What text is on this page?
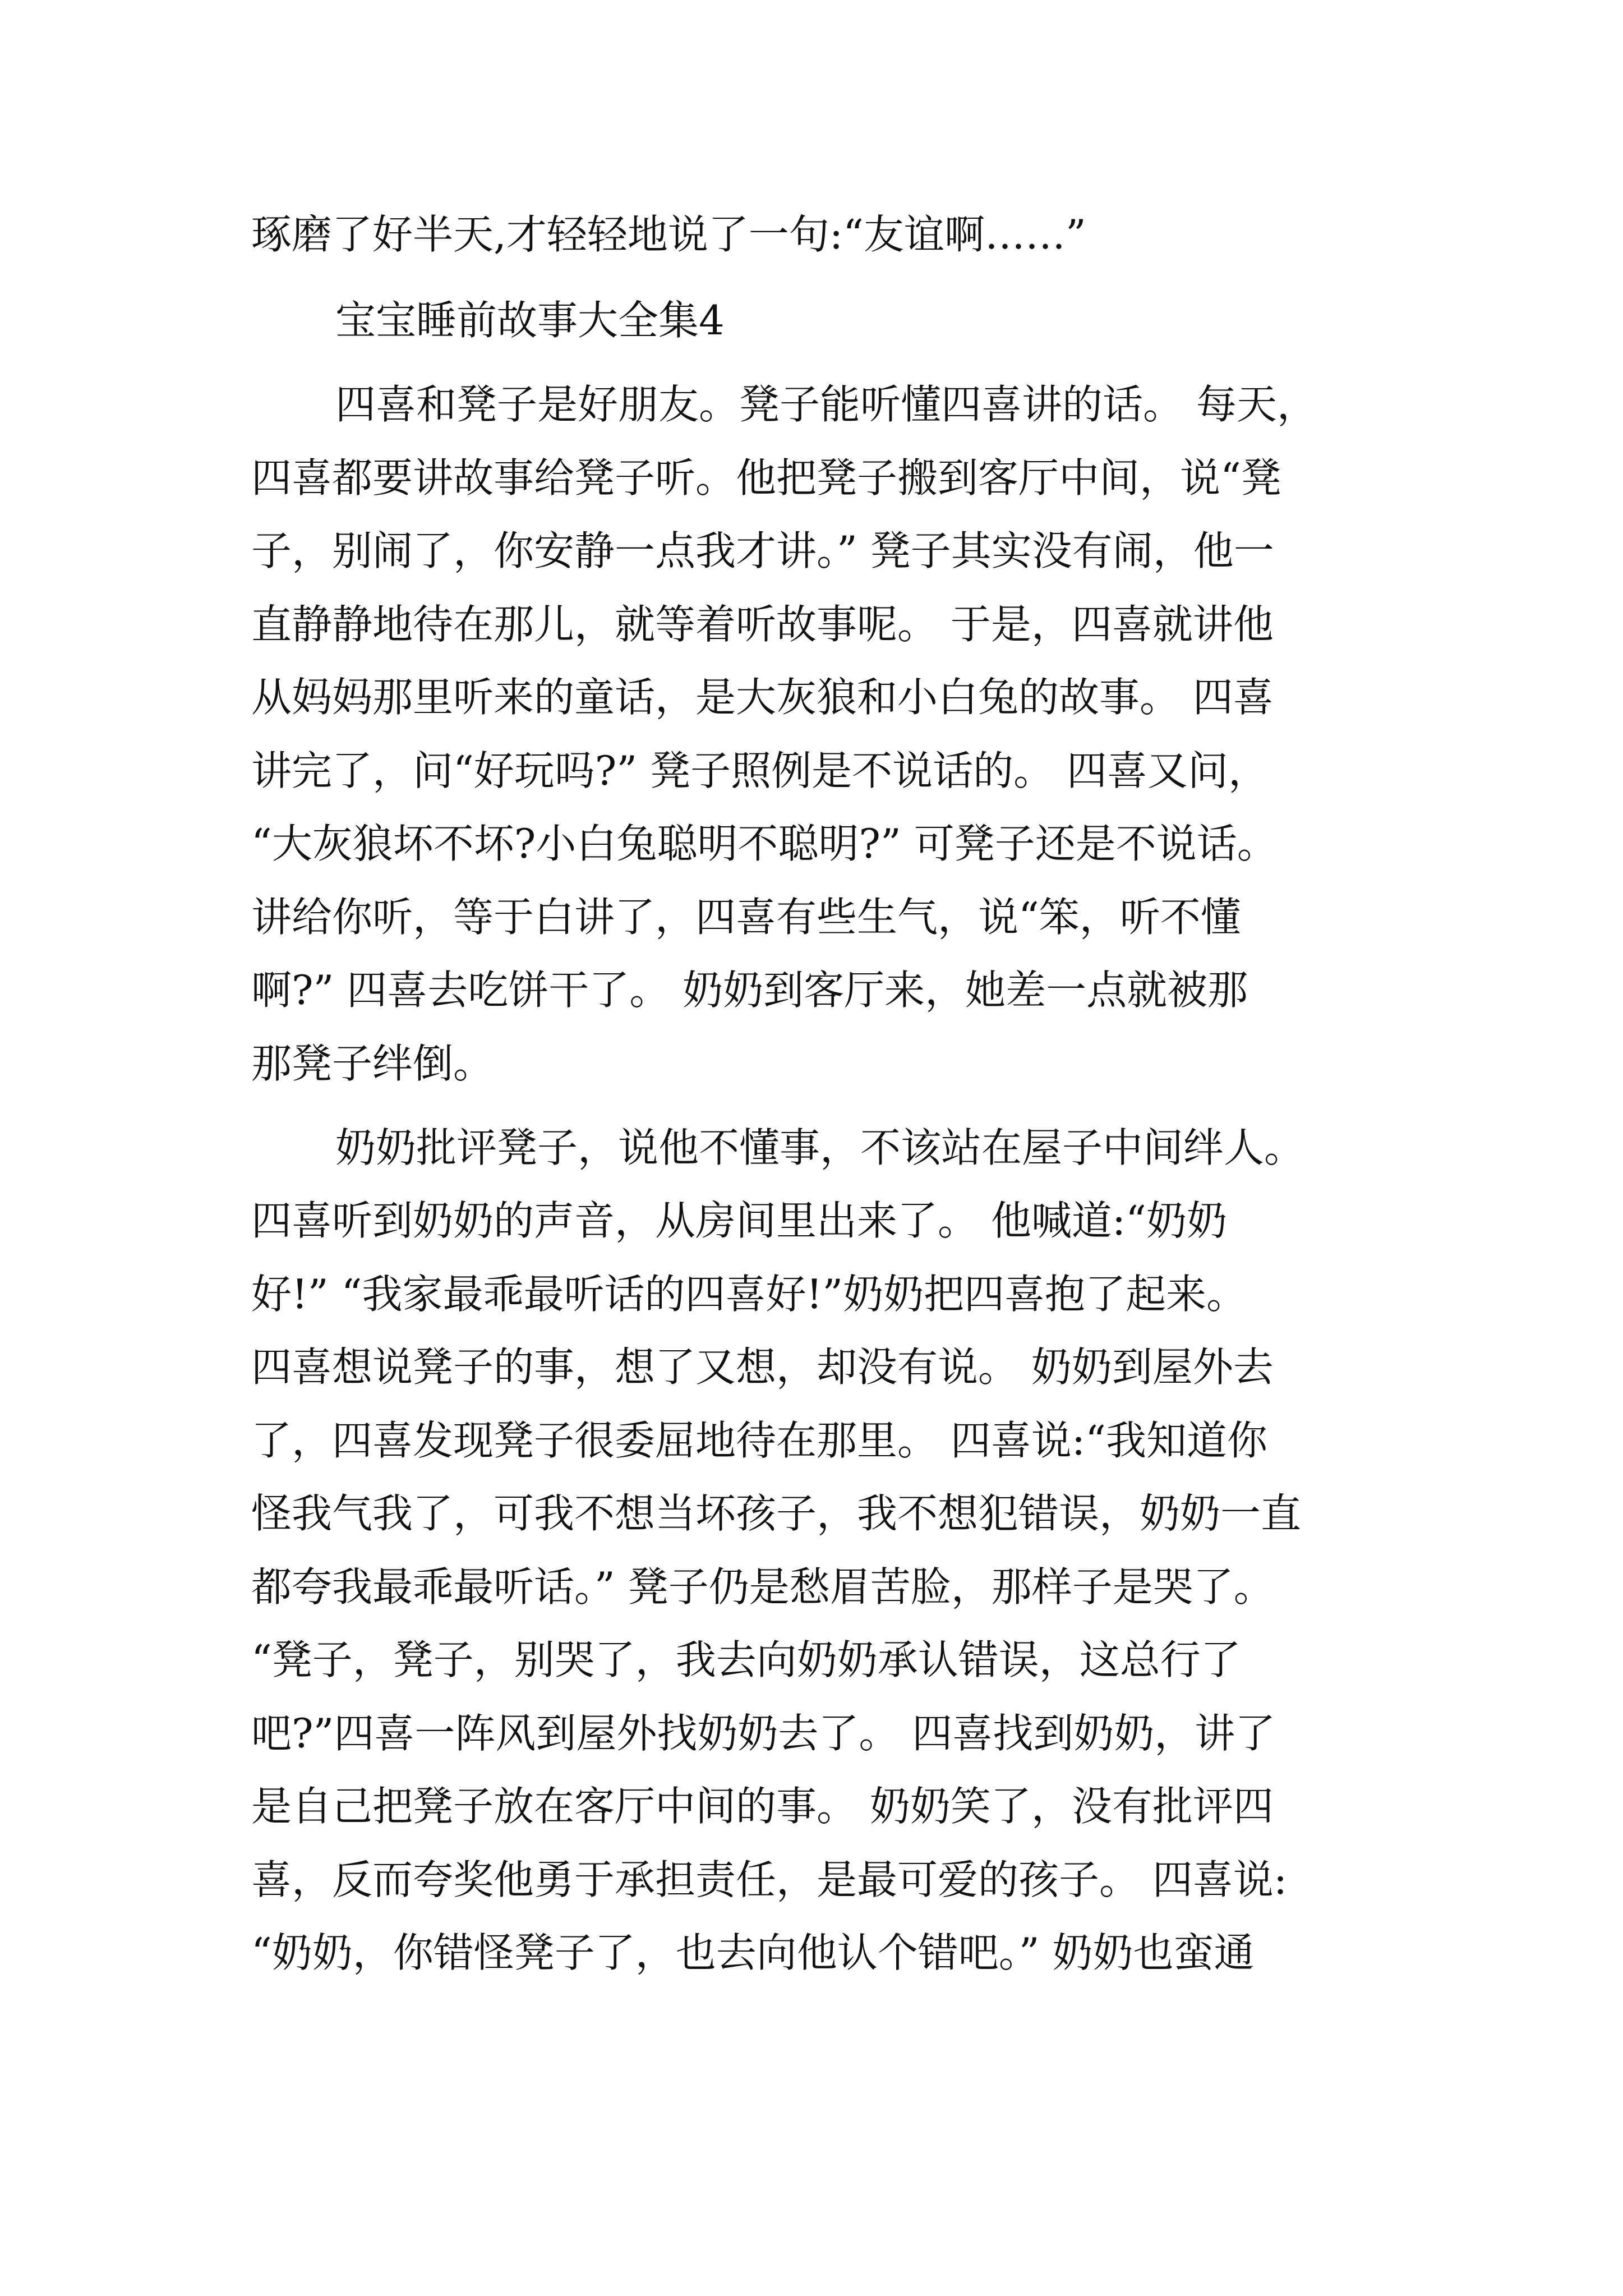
琢磨了好半天,才轻轻地说了一句:“友谊啊……”
宝宝睡前故事大全集4
四喜和凳子是好朋友。凳子能听懂四喜讲的话。 每天，
四喜都要讲故事给凳子听。他把凳子搬到客厅中间，说“凳
子，别闹了，你安静一点我才讲。” 凳子其实没有闹，他一
直静静地待在那儿，就等着听故事呢。 于是，四喜就讲他
从妈妈那里听来的童话，是大灰狼和小白兔的故事。 四喜
讲完了，问“好玩吗?” 凳子照例是不说话的。 四喜又问，
“大灰狼坏不坏?小白兔聪明不聪明?” 可凳子还是不说话。
讲给你听，等于白讲了，四喜有些生气，说“笨，听不懂
啊?” 四喜去吃饼干了。 奶奶到客厅来，她差一点就被那
那凳子绊倒。
奶奶批评凳子，说他不懂事，不该站在屋子中间绊人。
四喜听到奶奶的声音，从房间里出来了。 他喊道:“奶奶
好!” “我家最乖最听话的四喜好!”奶奶把四喜抱了起来。
四喜想说凳子的事，想了又想，却没有说。 奶奶到屋外去
了，四喜发现凳子很委屈地待在那里。 四喜说:“我知道你
怪我气我了，可我不想当坏孩子，我不想犯错误，奶奶一直
都夸我最乖最听话。” 凳子仍是愁眉苦脸，那样子是哭了。
“凳子，凳子，别哭了，我去向奶奶承认错误，这总行了
吧?”四喜一阵风到屋外找奶奶去了。 四喜找到奶奶，讲了
是自己把凳子放在客厅中间的事。 奶奶笑了，没有批评四
喜，反而夸奖他勇于承担责任，是最可爱的孩子。 四喜说:
“奶奶，你错怪凳子了，也去向他认个错吧。” 奶奶也蛮通
